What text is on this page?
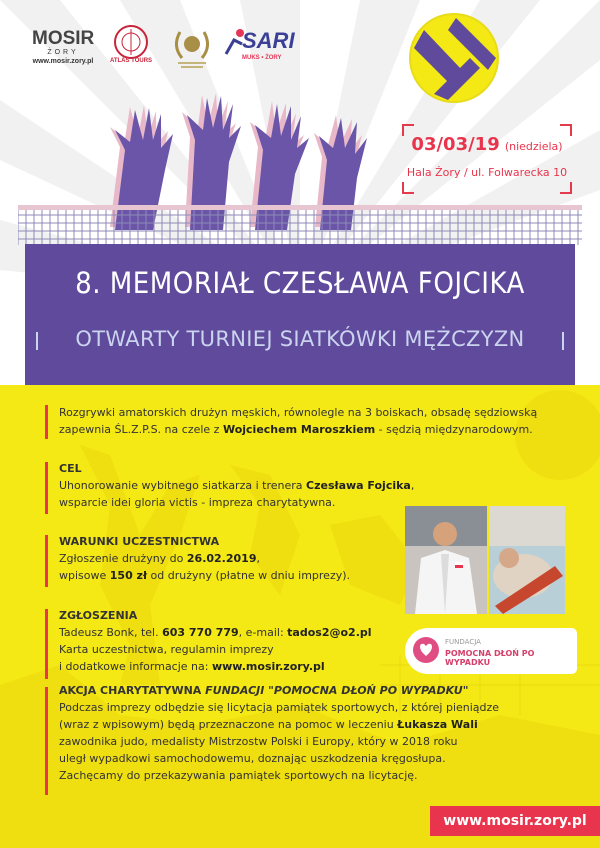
MOSIR
ŻORY
www.mosir.zory.pl	ATLAS TOURS
SARI
MUKS • ŻORY
03/03/19 (niedziela)
Hala Żory / ul. Folwarecka 10
8. MEMORIAŁ CZESŁAWA FOJCIKA
OTWARTY TURNIEJ SIATKÓWKI MĘŻCZYZN
Rozgrywki amatorskich drużyn męskich, równolegle na 3 boiskach, obsadę sędziowską
zapewnia ŚL.Z.P.S. na czele z Wojciechem Maroszkiem - sędzią międzynarodowym.
CEL
Uhonorowanie wybitnego siatkarza i trenera Czesława Fojcika,
wsparcie idei gloria victis - impreza charytatywna.
WARUNKI UCZESTNICTWA
Zgłoszenie drużyny do 26.02.2019,
wpisowe 150 zł od drużyny (płatne w dniu imprezy).
ZGŁOSZENIA
Tadeusz Bonk, tel. 603 770 779, e-mail: tados2@o2.pl
Karta uczestnictwa, regulamin imprezy
i dodatkowe informacje na: www.mosir.zory.pl
AKCJA CHARYTATYWNA FUNDACJI "POMOCNA DŁOŃ PO WYPADKU"
Podczas imprezy odbędzie się licytacja pamiątek sportowych, z której pieniądze
(wraz z wpisowym) będą przeznaczone na pomoc w leczeniu Łukasza Wali
zawodnika judo, medalisty Mistrzostw Polski i Europy, który w 2018 roku
uległ wypadkowi samochodowemu, doznając uszkodzenia kręgosłupa.
Zachęcamy do przekazywania pamiątek sportowych na licytację.
FUNDACJA
POMOCNA DŁOŃ PO WYPADKU
www.mosir.zory.pl
